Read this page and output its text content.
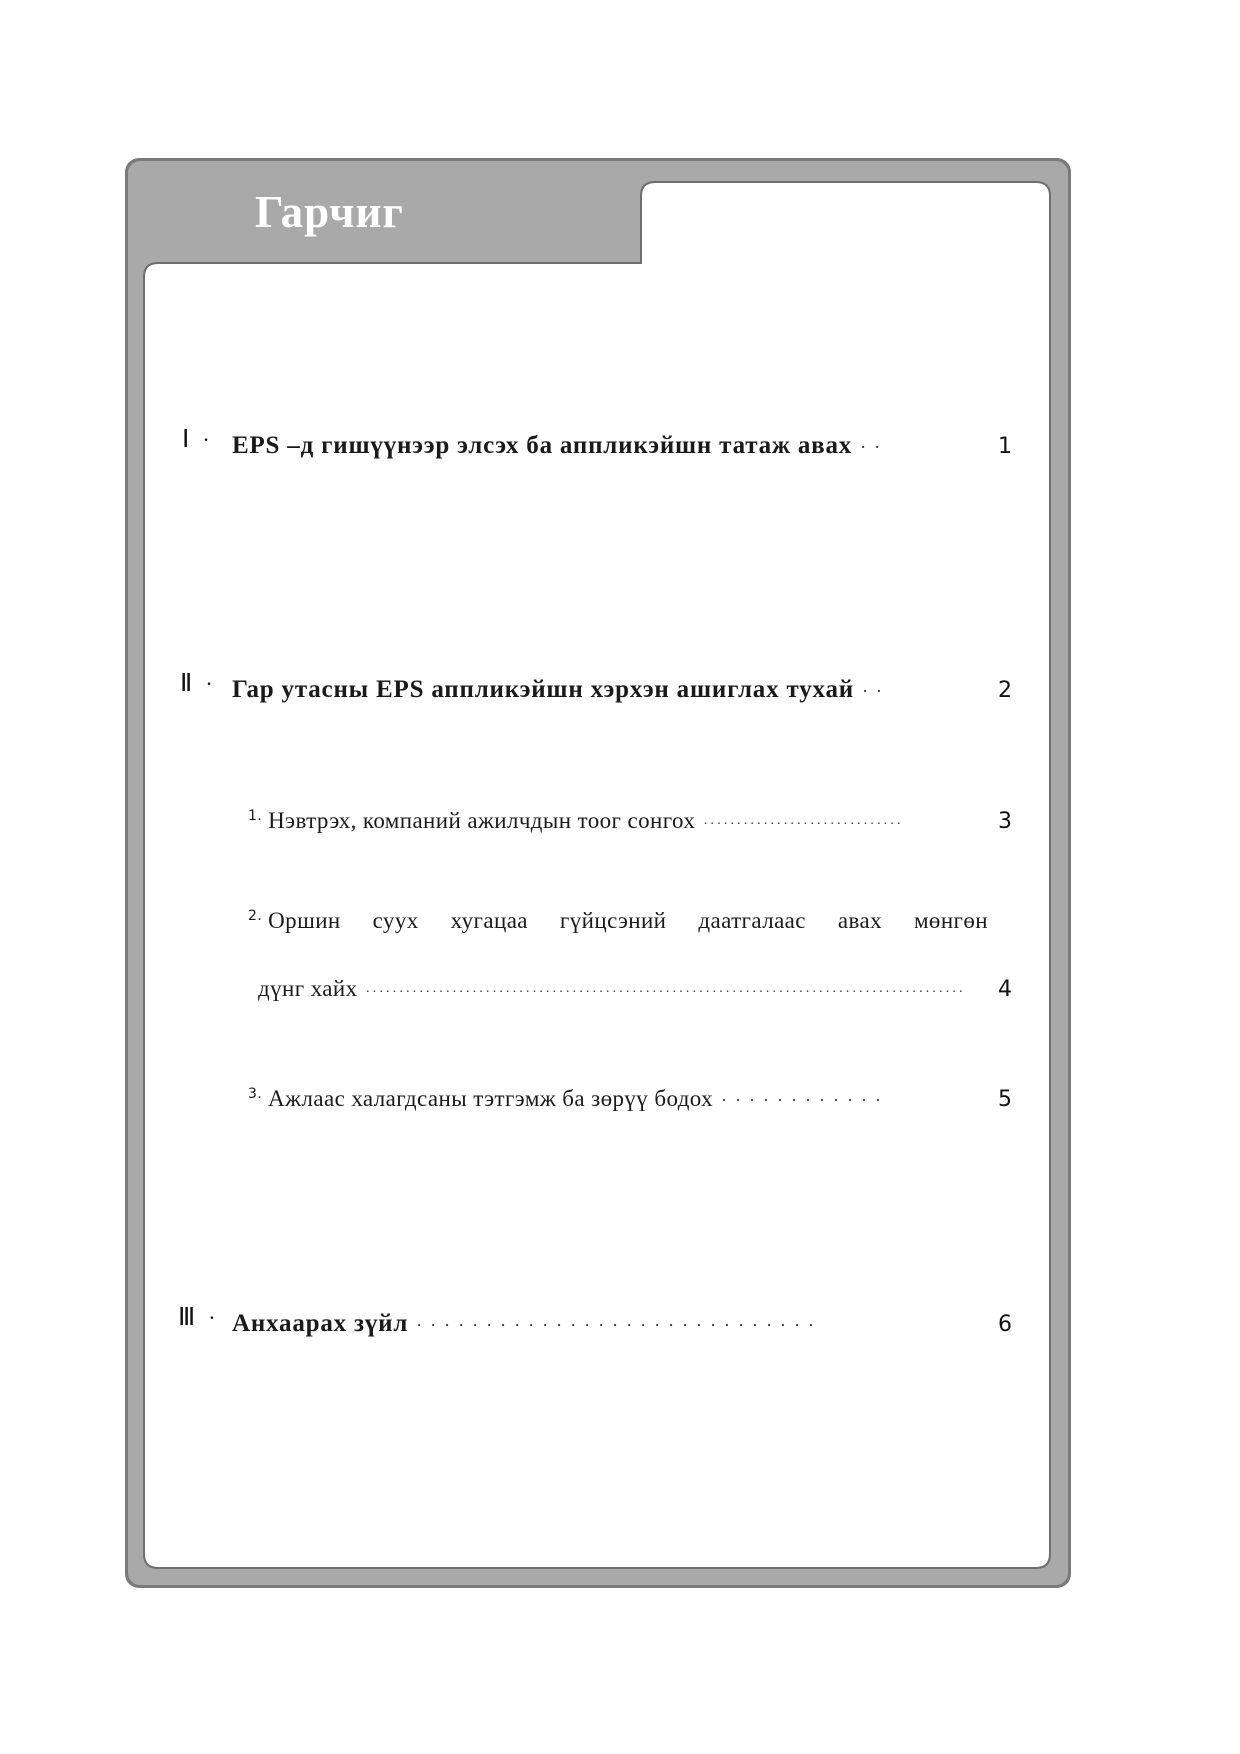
Гарчиг
Ⅰ · EPS –д гишүүнээр элсэх ба аппликэйшн татаж авах ··	1
Ⅱ · Гар утасны EPS аппликэйшн хэрхэн ашиглах тухай ··	2
$^{1.}$ Нэвтрэх, компаний ажилчдын тоог сонгох ······························	3
$^{2.}$ Оршин суух хугацаа гүйцсэний даатгалаас авах мөнгөн
дүнг хайх ··························································································	4
$^{3.}$ Ажлаас халагдсаны тэтгэмж ба зөрүү бодох ············	5
Ⅲ · Анхаарах зүйл ·····························	6
